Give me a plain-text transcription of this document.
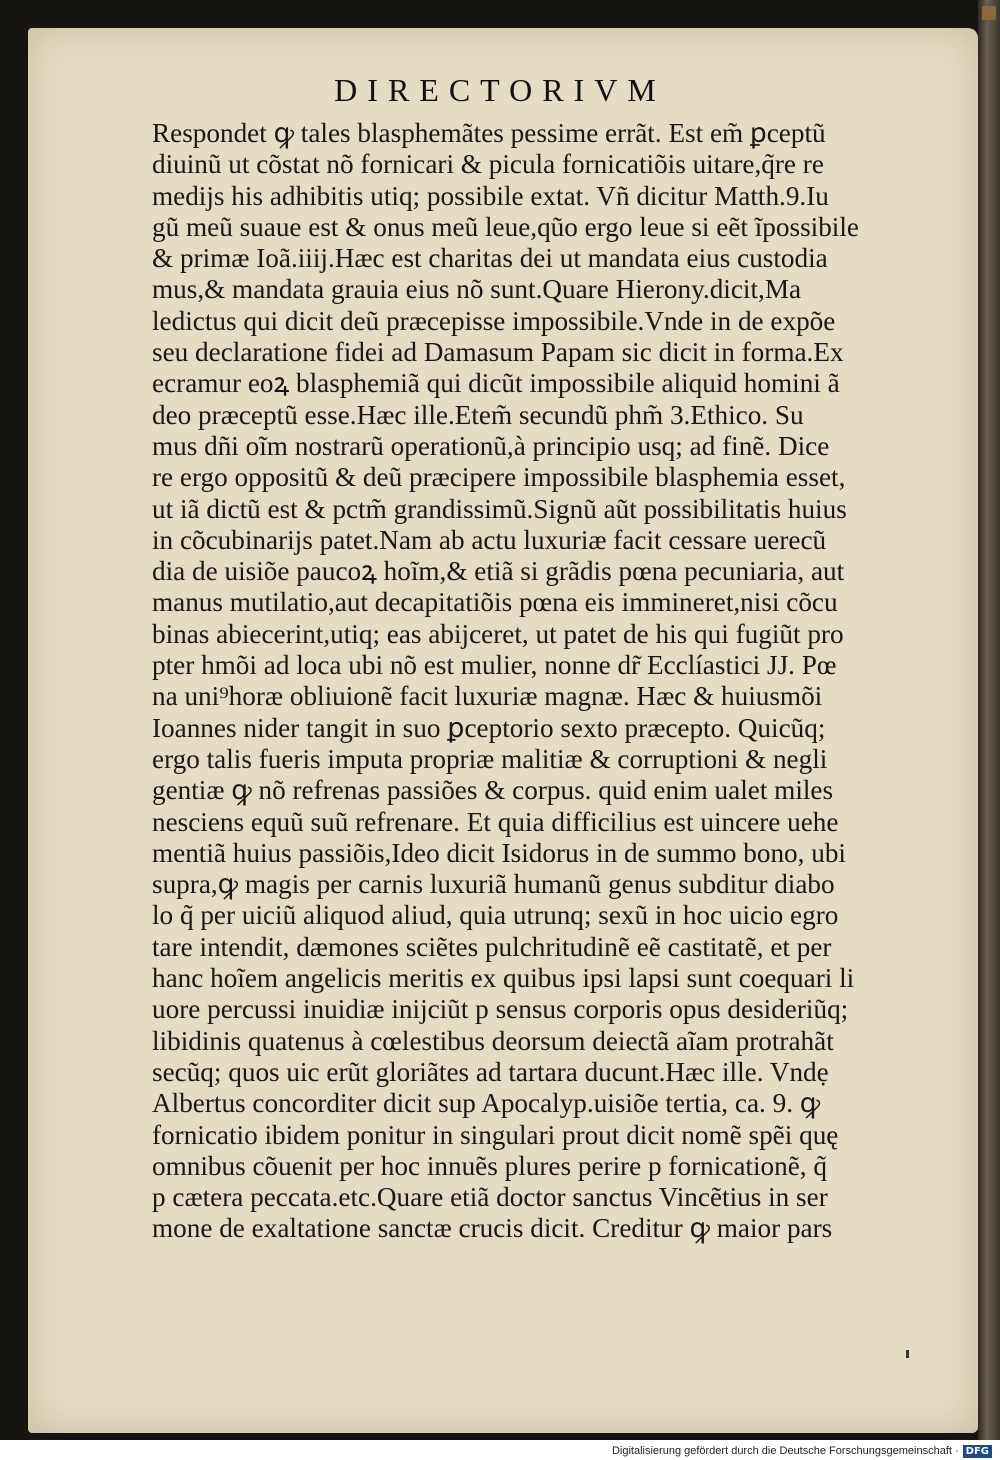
DIRECTORIVM
Respondet ꝙ tales blasphemãtes pessime errãt. Est em̃ ꝑceptũ
diuinũ ut cõstat nõ fornicari & picula fornicatiõis uitare,q̃re re
medijs his adhibitis utiq; possibile extat. Vñ dicitur Matth.9.Iu
gũ meũ suaue est & onus meũ leue,qũo ergo leue si eẽt ĩpossibile
& primæ Ioã.iiij.Hæc est charitas dei ut mandata eius custodia
mus,& mandata grauia eius nõ sunt.Quare Hierony.dicit,Ma
ledictus qui dicit deũ præcepisse impossibile.Vnde in de expõe
seu declaratione fidei ad Damasum Papam sic dicit in forma.Ex
ecramur eoꝝ blasphemiã qui dicũt impossibile aliquid homini ã
deo præceptũ esse.Hæc ille.Etem̃ secundũ phm̃ 3.Ethico. Su
mus dñi oĩm nostrarũ operationũ,à principio usq; ad finẽ. Dice
re ergo oppositũ & deũ præcipere impossibile blasphemia esset,
ut iã dictũ est & pctm̃ grandissimũ.Signũ aũt possibilitatis huius
in cõcubinarijs patet.Nam ab actu luxuriæ facit cessare uerecũ
dia de uisiõe paucoꝝ hoĩm,& etiã si grãdis pœna pecuniaria, aut
manus mutilatio,aut decapitatiõis pœna eis immineret,nisi cõcu
binas abiecerint,utiq; eas abijceret, ut patet de his qui fugiũt pro
pter hmõi ad loca ubi nõ est mulier, nonne dr̃ Ecclíastici JJ. Pœ
na uni⁹horæ obliuionẽ facit luxuriæ magnæ. Hæc & huiusmõi
Ioannes nider tangit in suo ꝑceptorio sexto præcepto. Quicũq;
ergo talis fueris imputa propriæ malitiæ & corruptioni & negli
gentiæ ꝙ nõ refrenas passiões & corpus. quid enim ualet miles
nesciens equũ suũ refrenare. Et quia difficilius est uincere uehe
mentiã huius passiõis,Ideo dicit Isidorus in de summo bono, ubi
supra,ꝙ magis per carnis luxuriã humanũ genus subditur diabo
lo q̃ per uiciũ aliquod aliud, quia utrunq; sexũ in hoc uicio egro
tare intendit, dæmones sciẽtes pulchritudinẽ eẽ castitatẽ, et per
hanc hoĩem angelicis meritis ex quibus ipsi lapsi sunt coequari li
uore percussi inuidiæ inijciũt p sensus corporis opus desideriũq;
libidinis quatenus à cœlestibus deorsum deiectã aĩam protrahãt
secũq; quos uic erũt gloriãtes ad tartara ducunt.Hæc ille. Vndẹ
Albertus concorditer dicit sup Apocalyp.uisiõe tertia, ca. 9. ꝙ
fornicatio ibidem ponitur in singulari prout dicit nomẽ spẽi quę
omnibus cõuenit per hoc innuẽs plures perire p fornicationẽ, q̃
p cætera peccata.etc.Quare etiã doctor sanctus Vincẽtius in ser
mone de exaltatione sanctæ crucis dicit. Creditur ꝙ maior pars
Digitalisierung gefördert durch die Deutsche Forschungsgemeinschaft · DFG
